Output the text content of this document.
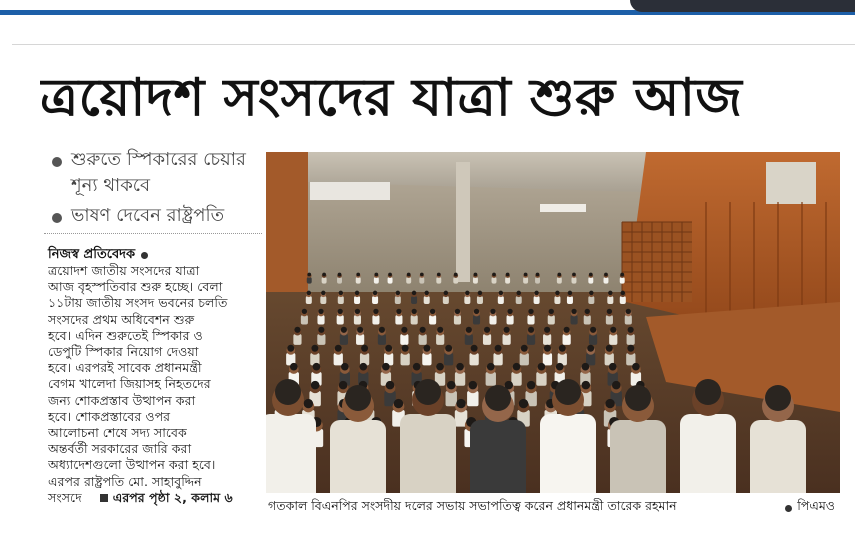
ত্রয়োদশ সংসদের যাত্রা শুরু আজ
শুরুতে স্পিকারের চেয়ার শূন্য থাকবে
ভাষণ দেবেন রাষ্ট্রপতি
নিজস্ব প্রতিবেদক
ত্রয়োদশ জাতীয় সংসদের যাত্রা
আজ বৃহস্পতিবার শুরু হচ্ছে। বেলা
১১টায় জাতীয় সংসদ ভবনের চলতি
সংসদের প্রথম অধিবেশন শুরু
হবে। এদিন শুরুতেই স্পিকার ও
ডেপুটি স্পিকার নিয়োগ দেওয়া
হবে। এরপরই সাবেক প্রধানমন্ত্রী
বেগম খালেদা জিয়াসহ নিহতদের
জন্য শোকপ্রস্তাব উত্থাপন করা
হবে। শোকপ্রস্তাবের ওপর
আলোচনা শেষে সদ্য সাবেক
অন্তর্বর্তী সরকারের জারি করা
অধ্যাদেশগুলো উত্থাপন করা হবে।
এরপর রাষ্ট্রপতি মো. সাহাবুদ্দিন
সংসদে এরপর পৃষ্ঠা ২, কলাম ৬
গতকাল বিএনপির সংসদীয় দলের সভায় সভাপতিত্ব করেন প্রধানমন্ত্রী তারেক রহমান	পিএমও
